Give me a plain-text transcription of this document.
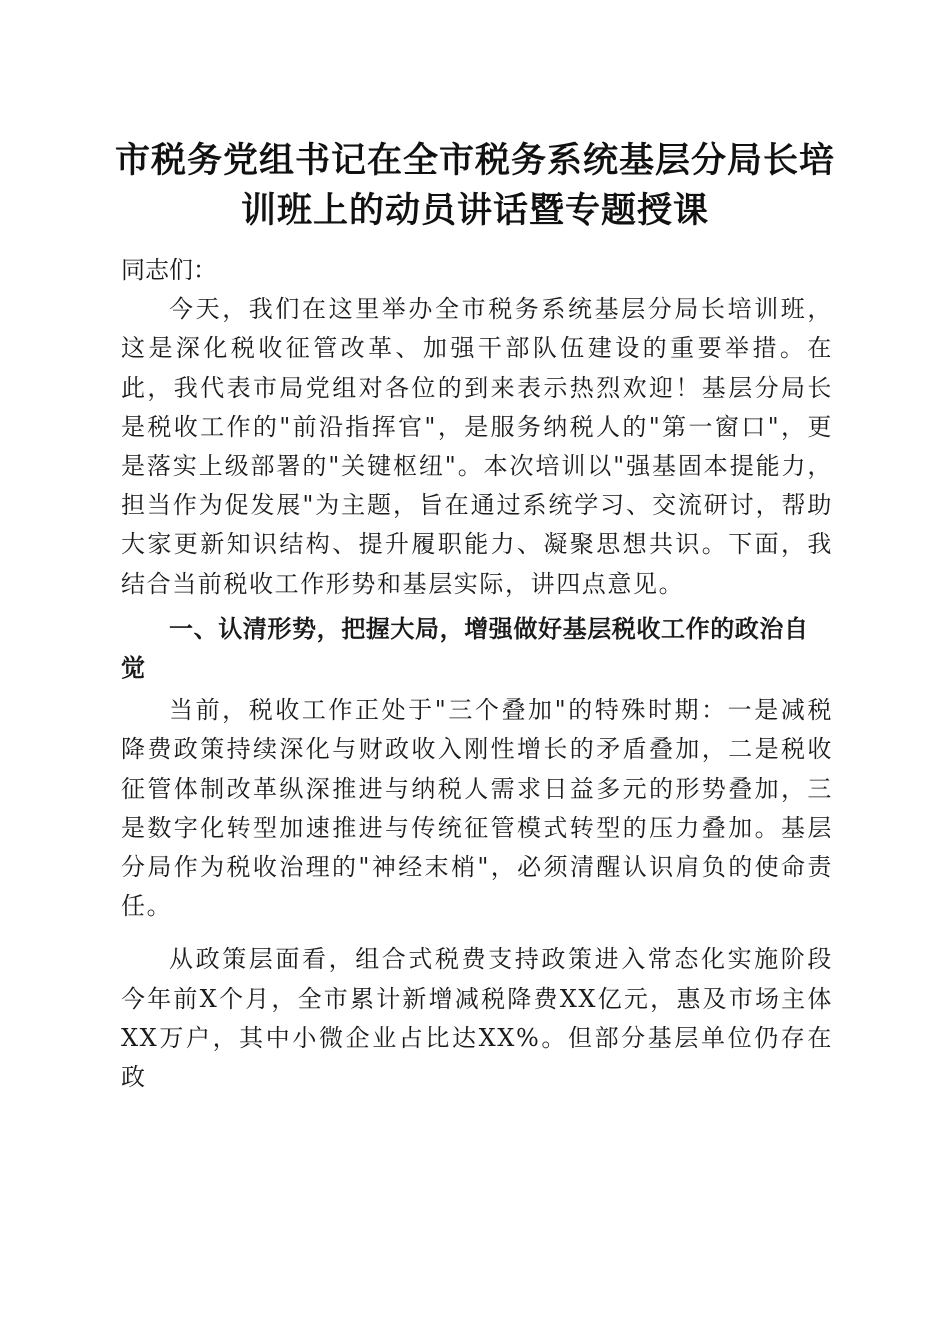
市税务党组书记在全市税务系统基层分局长培
训班上的动员讲话暨专题授课

同志们：

今天，我们在这里举办全市税务系统基层分局长培训班，这是深化税收征管改革、加强干部队伍建设的重要举措。在此，我代表市局党组对各位的到来表示热烈欢迎！基层分局长是税收工作的"前沿指挥官"，是服务纳税人的"第一窗口"，更是落实上级部署的"关键枢纽"。本次培训以"强基固本提能力，担当作为促发展"为主题，旨在通过系统学习、交流研讨，帮助大家更新知识结构、提升履职能力、凝聚思想共识。下面，我结合当前税收工作形势和基层实际，讲四点意见。

一、认清形势，把握大局，增强做好基层税收工作的政治自觉

当前，税收工作正处于"三个叠加"的特殊时期：一是减税降费政策持续深化与财政收入刚性增长的矛盾叠加，二是税收征管体制改革纵深推进与纳税人需求日益多元的形势叠加，三是数字化转型加速推进与传统征管模式转型的压力叠加。基层分局作为税收治理的"神经末梢"，必须清醒认识肩负的使命责任。

从政策层面看，组合式税费支持政策进入常态化实施阶段今年前X个月，全市累计新增减税降费XX亿元，惠及市场主体XX万户，其中小微企业占比达XX%。但部分基层单位仍存在政
